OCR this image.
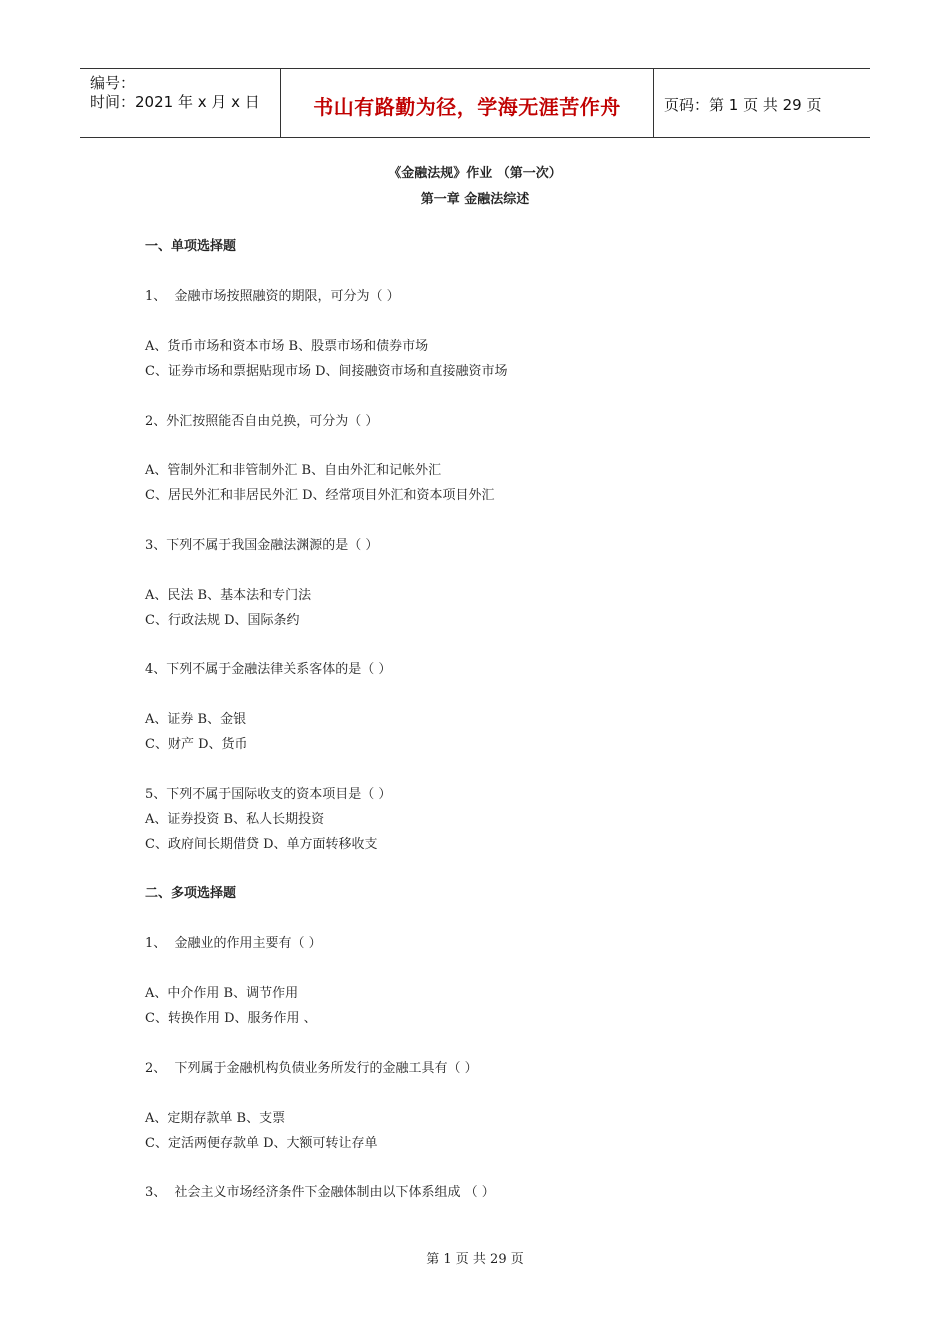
编号：
时间：2021 年 x 月 x 日	书山有路勤为径，学海无涯苦作舟	页码：第 1 页 共 29 页
《金融法规》作业 （第一次）
第一章 金融法综述
一、单项选择题
1、  金融市场按照融资的期限，可分为（ ）
A、货币市场和资本市场 B、股票市场和债券市场
C、证券市场和票据贴现市场 D、间接融资市场和直接融资市场
2、外汇按照能否自由兑换，可分为（ ）
A、管制外汇和非管制外汇 B、自由外汇和记帐外汇
C、居民外汇和非居民外汇 D、经常项目外汇和资本项目外汇
3、下列不属于我国金融法渊源的是（ ）
A、民法 B、基本法和专门法
C、行政法规 D、国际条约
4、下列不属于金融法律关系客体的是（ ）
A、证券 B、金银
C、财产 D、货币
5、下列不属于国际收支的资本项目是（ ）
A、证券投资 B、私人长期投资
C、政府间长期借贷 D、单方面转移收支
二、多项选择题
1、  金融业的作用主要有（ ）
A、中介作用 B、调节作用
C、转换作用 D、服务作用 、
2、  下列属于金融机构负债业务所发行的金融工具有（ ）
A、定期存款单 B、支票
C、定活两便存款单 D、大额可转让存单
3、  社会主义市场经济条件下金融体制由以下体系组成 （ ）
第 1 页 共 29 页
